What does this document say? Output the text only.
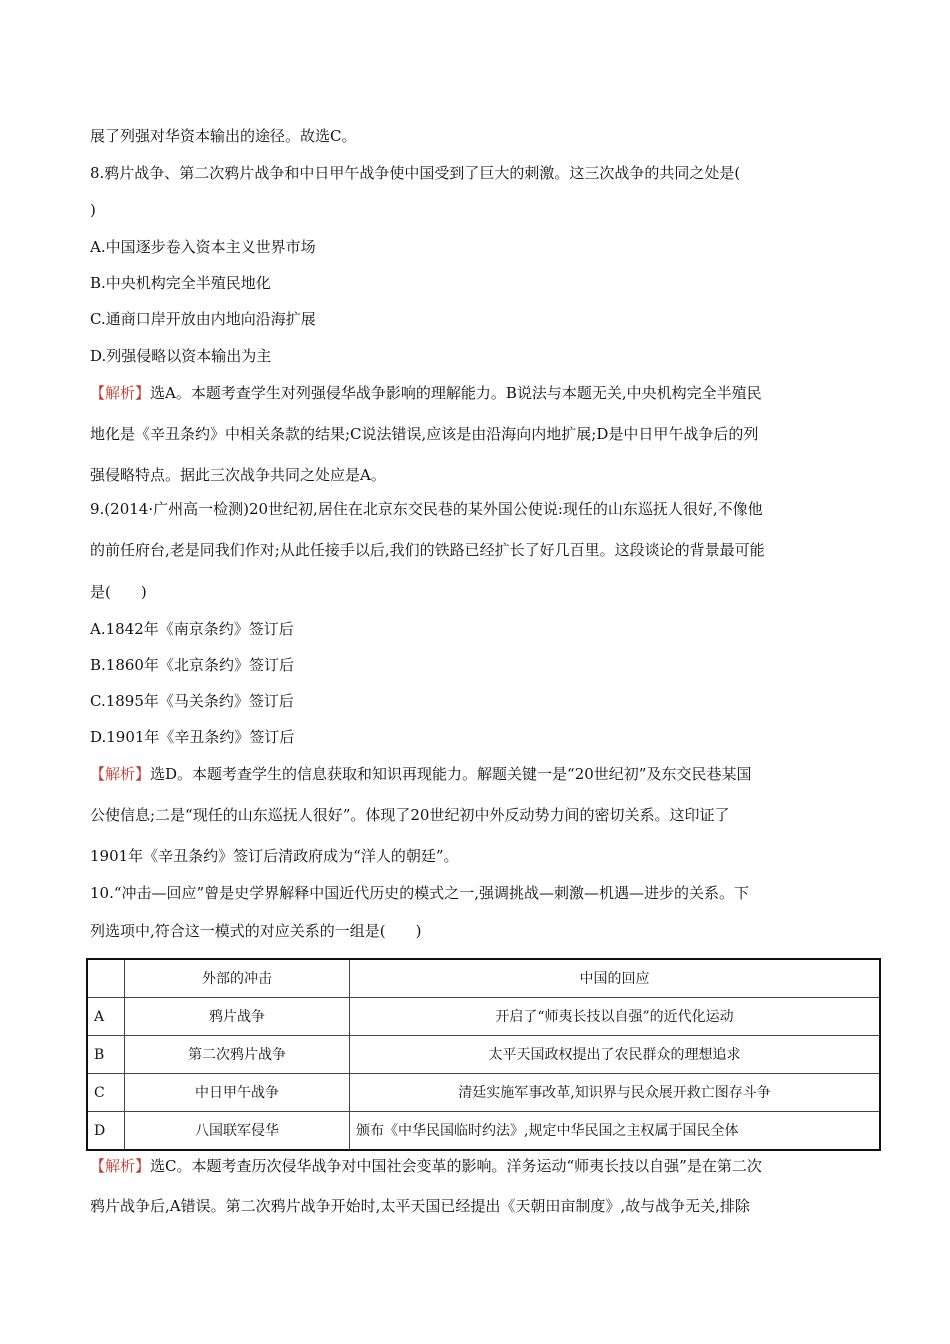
展了列强对华资本输出的途径。故选C。
8.鸦片战争、第二次鸦片战争和中日甲午战争使中国受到了巨大的刺激。这三次战争的共同之处是(
)
A.中国逐步卷入资本主义世界市场
B.中央机构完全半殖民地化
C.通商口岸开放由内地向沿海扩展
D.列强侵略以资本输出为主
【解析】选A。本题考查学生对列强侵华战争影响的理解能力。B说法与本题无关,中央机构完全半殖民
地化是《辛丑条约》中相关条款的结果;C说法错误,应该是由沿海向内地扩展;D是中日甲午战争后的列
强侵略特点。据此三次战争共同之处应是A。
9.(2014·广州高一检测)20世纪初,居住在北京东交民巷的某外国公使说:现任的山东巡抚人很好,不像他
的前任府台,老是同我们作对;从此任接手以后,我们的铁路已经扩长了好几百里。这段谈论的背景最可能
是(　　)
A.1842年《南京条约》签订后
B.1860年《北京条约》签订后
C.1895年《马关条约》签订后
D.1901年《辛丑条约》签订后
【解析】选D。本题考查学生的信息获取和知识再现能力。解题关键一是“20世纪初”及东交民巷某国
公使信息;二是“现任的山东巡抚人很好”。体现了20世纪初中外反动势力间的密切关系。这印证了
1901年《辛丑条约》签订后清政府成为“洋人的朝廷”。
10.“冲击—回应”曾是史学界解释中国近代历史的模式之一,强调挑战—刺激—机遇—进步的关系。下
列选项中,符合这一模式的对应关系的一组是(　　)
	外部的冲击	中国的回应
A	鸦片战争	开启了“师夷长技以自强”的近代化运动
B	第二次鸦片战争	太平天国政权提出了农民群众的理想追求
C	中日甲午战争	清廷实施军事改革,知识界与民众展开救亡图存斗争
D	八国联军侵华	颁布《中华民国临时约法》,规定中华民国之主权属于国民全体
【解析】选C。本题考查历次侵华战争对中国社会变革的影响。洋务运动“师夷长技以自强”是在第二次
鸦片战争后,A错误。第二次鸦片战争开始时,太平天国已经提出《天朝田亩制度》,故与战争无关,排除
